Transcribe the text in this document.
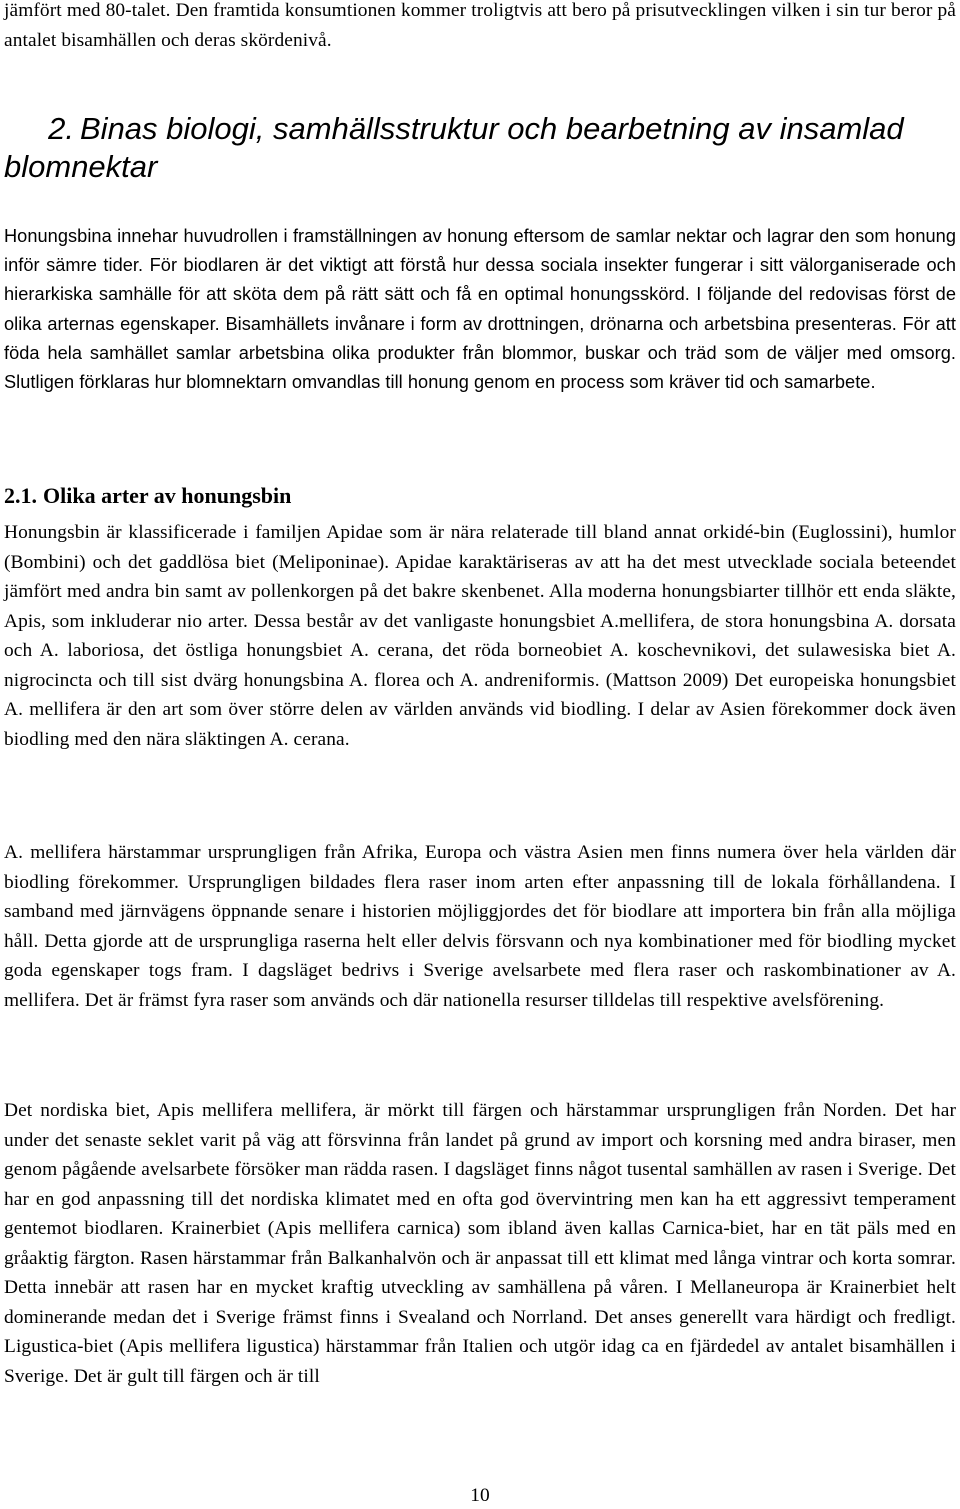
jämfört med 80-talet. Den framtida konsumtionen kommer troligtvis att bero på prisutvecklingen vilken i sin tur beror på antalet bisamhällen och deras skördenivå.

2. Binas biologi, samhällsstruktur och bearbetning av insamlad blomnektar

Honungsbina innehar huvudrollen i framställningen av honung eftersom de samlar nektar och lagrar den som honung inför sämre tider. För biodlaren är det viktigt att förstå hur dessa sociala insekter fungerar i sitt välorganiserade och hierarkiska samhälle för att sköta dem på rätt sätt och få en optimal honungsskörd. I följande del redovisas först de olika arternas egenskaper. Bisamhällets invånare i form av drottningen, drönarna och arbetsbina presenteras. För att föda hela samhället samlar arbetsbina olika produkter från blommor, buskar och träd som de väljer med omsorg. Slutligen förklaras hur blomnektarn omvandlas till honung genom en process som kräver tid och samarbete.

2.1. Olika arter av honungsbin

Honungsbin är klassificerade i familjen Apidae som är nära relaterade till bland annat orkidé-bin (Euglossini), humlor (Bombini) och det gaddlösa biet (Meliponinae). Apidae karaktäriseras av att ha det mest utvecklade sociala beteendet jämfört med andra bin samt av pollenkorgen på det bakre skenbenet. Alla moderna honungsbiarter tillhör ett enda släkte, Apis, som inkluderar nio arter. Dessa består av det vanligaste honungsbiet A.mellifera, de stora honungsbina A. dorsata och A. laboriosa, det östliga honungsbiet A. cerana, det röda borneobiet A. koschevnikovi, det sulawesiska biet A. nigrocincta och till sist dvärg honungsbina A. florea och A. andreniformis. (Mattson 2009) Det europeiska honungsbiet A. mellifera är den art som över större delen av världen används vid biodling. I delar av Asien förekommer dock även biodling med den nära släktingen A. cerana.

A. mellifera härstammar ursprungligen från Afrika, Europa och västra Asien men finns numera över hela världen där biodling förekommer. Ursprungligen bildades flera raser inom arten efter anpassning till de lokala förhållandena. I samband med järnvägens öppnande senare i historien möjliggjordes det för biodlare att importera bin från alla möjliga håll. Detta gjorde att de ursprungliga raserna helt eller delvis försvann och nya kombinationer med för biodling mycket goda egenskaper togs fram. I dagsläget bedrivs i Sverige avelsarbete med flera raser och raskombinationer av A. mellifera. Det är främst fyra raser som används och där nationella resurser tilldelas till respektive avelsförening.

Det nordiska biet, Apis mellifera mellifera, är mörkt till färgen och härstammar ursprungligen från Norden. Det har under det senaste seklet varit på väg att försvinna från landet på grund av import och korsning med andra biraser, men genom pågående avelsarbete försöker man rädda rasen. I dagsläget finns något tusental samhällen av rasen i Sverige. Det har en god anpassning till det nordiska klimatet med en ofta god övervintring men kan ha ett aggressivt temperament gentemot biodlaren. Krainerbiet (Apis mellifera carnica) som ibland även kallas Carnica-biet, har en tät päls med en gråaktig färgton. Rasen härstammar från Balkanhalvön och är anpassat till ett klimat med långa vintrar och korta somrar. Detta innebär att rasen har en mycket kraftig utveckling av samhällena på våren. I Mellaneuropa är Krainerbiet helt dominerande medan det i Sverige främst finns i Svealand och Norrland. Det anses generellt vara härdigt och fredligt. Ligustica-biet (Apis mellifera ligustica) härstammar från Italien och utgör idag ca en fjärdedel av antalet bisamhällen i Sverige. Det är gult till färgen och är till

10
